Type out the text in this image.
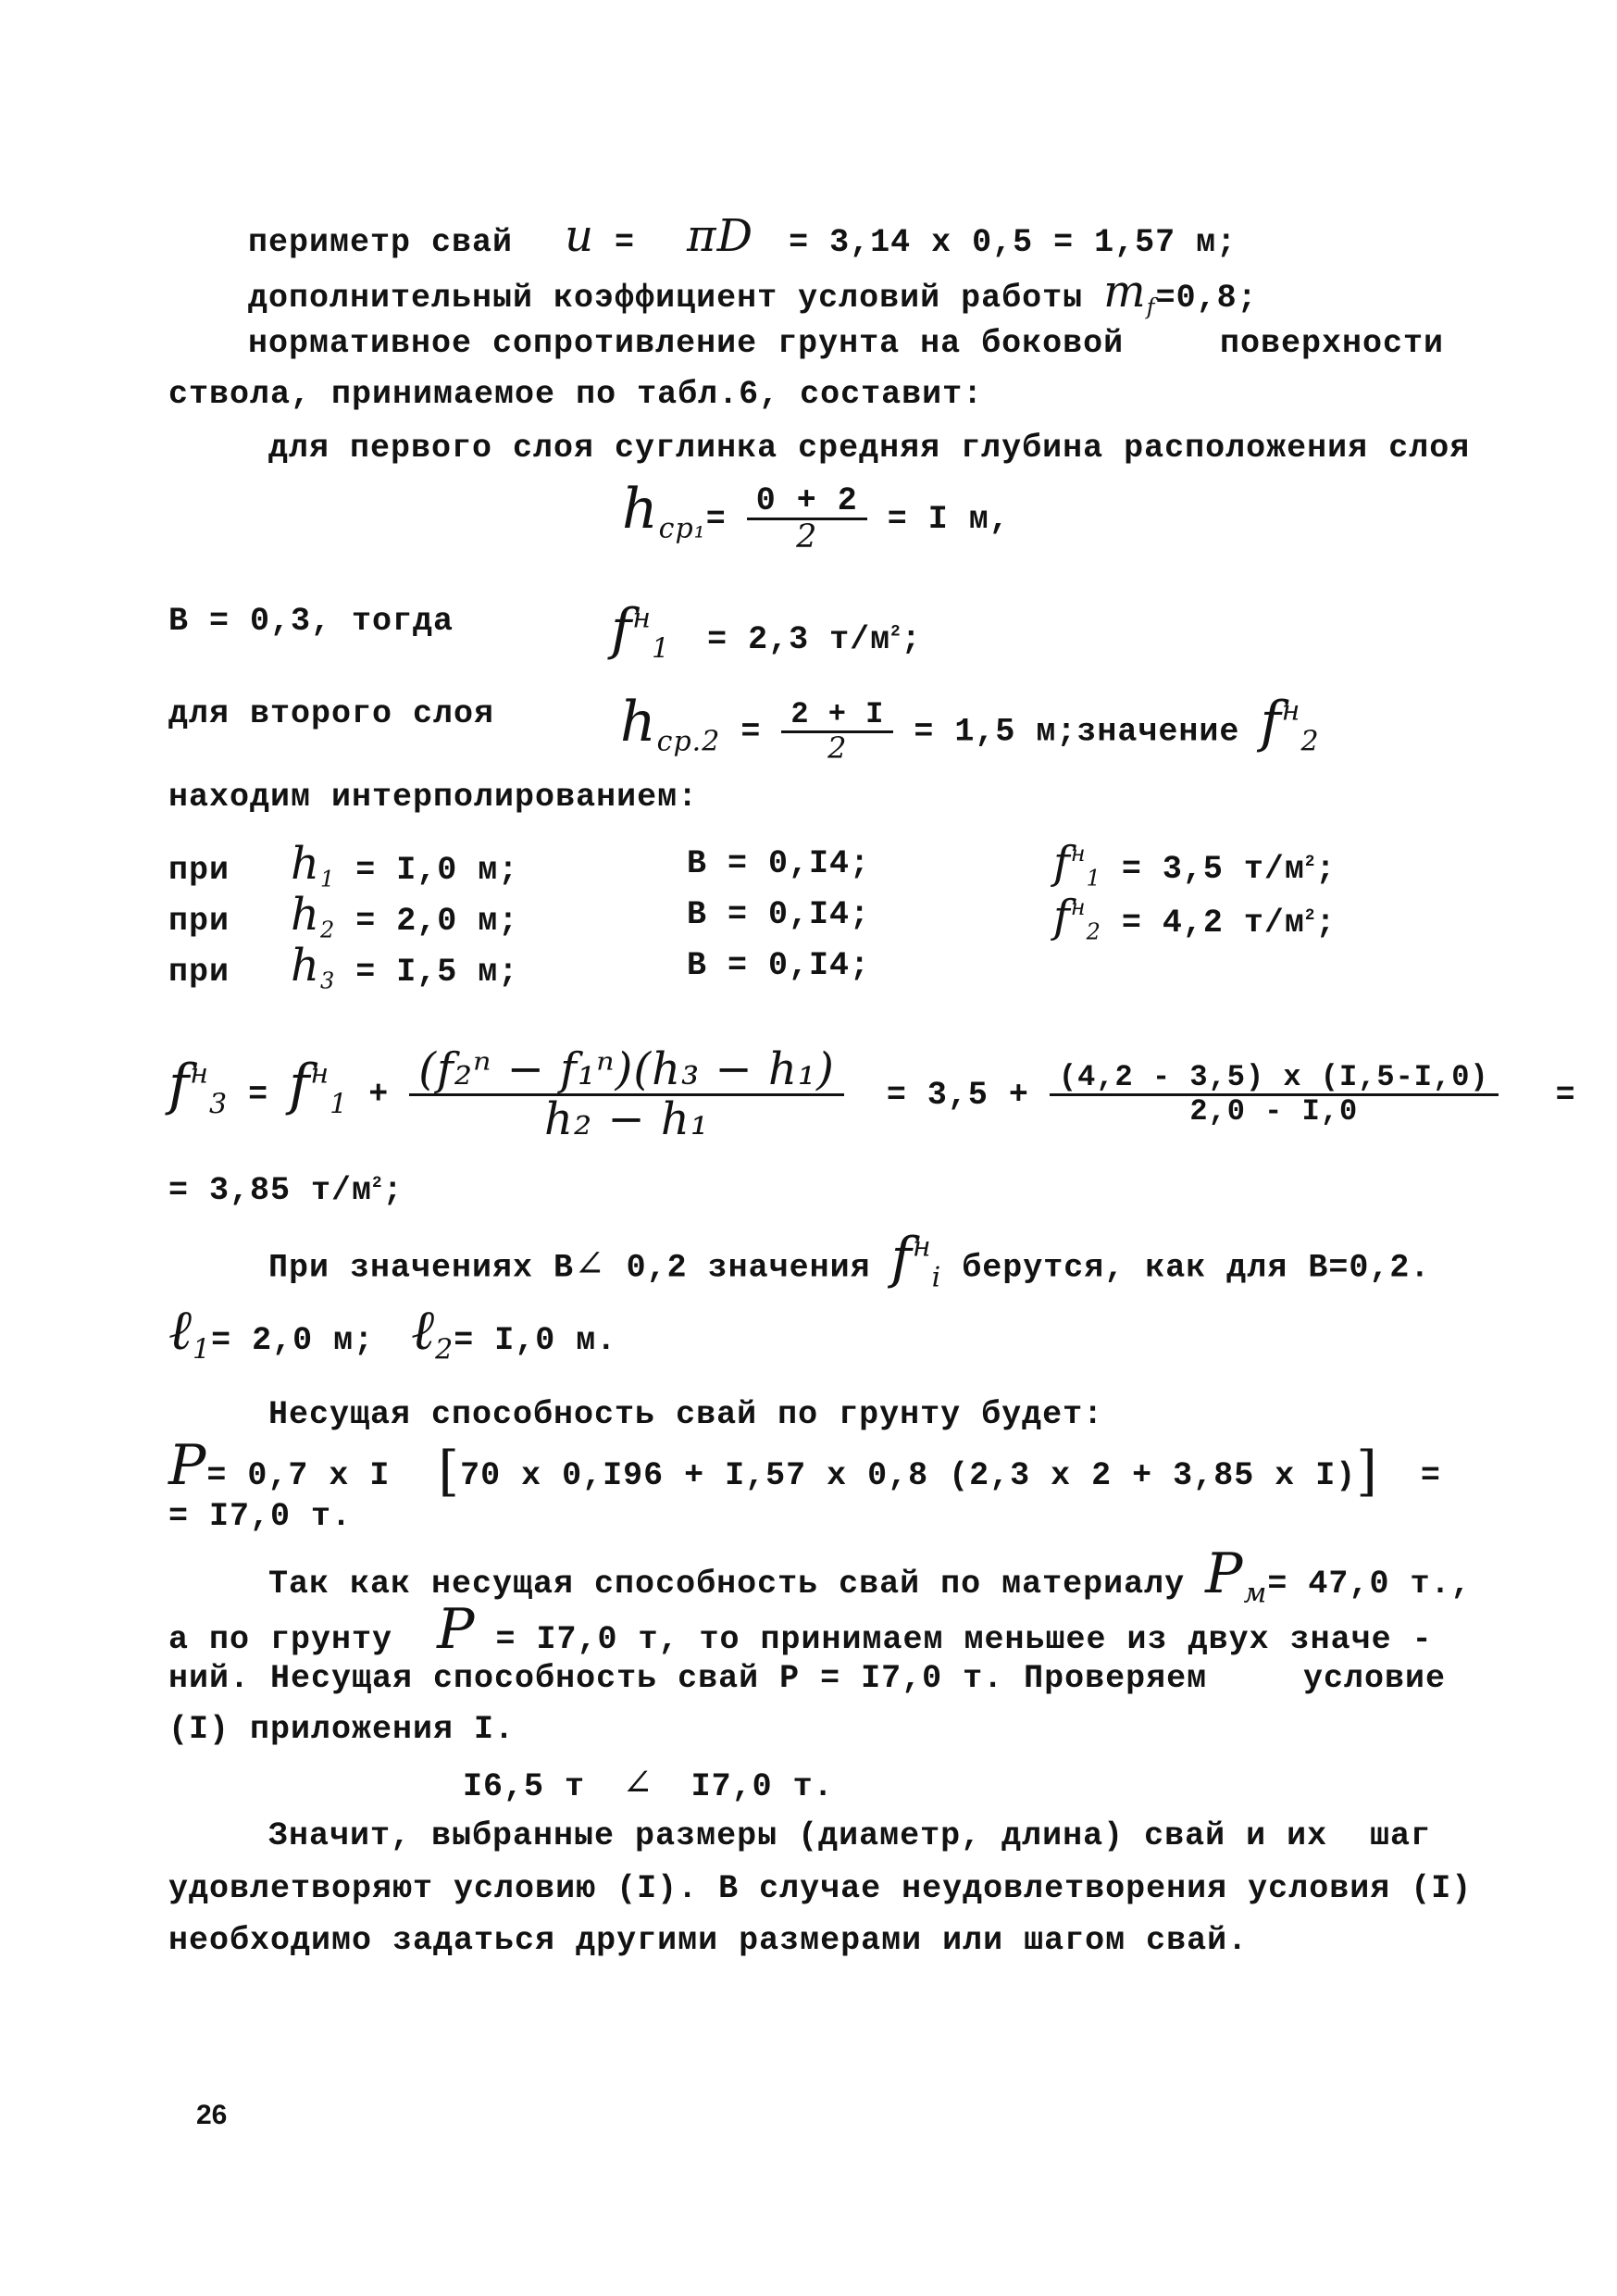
периметр свай u = πD = 3,14 x 0,5 = 1,57 м;
дополнительный коэффициент условий работы $m_f=0,8$;
нормативное сопротивление грунта на боковой	поверхности
ствола, принимаемое по табл.6, составит:
для первого слоя суглинка средняя глубина расположения слоя
$h_{ср_1}= \frac{0 + 2}{2} = I$ м,
В = 0,3, тогда	$f^н_1 = 2,3$ $т/м^2$;
для второго слоя $h_{ср.2} = \frac{2 + I}{2} = 1,5$ м;значение $f^н_2$
находим интерполированием:
при $h_1 = I,0$ м;	В = 0,I4;	$f^н_1 = 3,5$ $т/м^2$;
при $h_2 = 2,0$ м;	В = 0,I4;	$f^н_2 = 4,2$ $т/м^2$;
при $h_3 = I,5$ м;	В = 0,I4;
$f^н_3 = f^н_1 + \frac{\text{(f₂ⁿ − f₁ⁿ)(h₃ − h₁)}}{\text{h₂ − h₁}} = 3,5 + \frac{(4,2 - 3,5) x (I,5-I,0)}{2,0 - I,0}$ =
= 3,85 $т/м^2$;
При значениях В∠ 0,2 значения $f^н_i$ берутся, как для В=0,2.
ℓ$_1$= 2,0 м; ℓ$_2$= I,0 м.
Несущая способность свай по грунту будет:
P= 0,7 x I [70 x 0,I96 + I,57 x 0,8 (2,3 x 2 + 3,85 x I)] =
= I7,0 т.
Так как несущая способность свай по материалу $P_м= 47,0$ т.,
а по грунту P = I7,0 т, то принимаем меньшее из двух значе -
ний. Несущая способность свай Р = I7,0 т. Проверяем	условие
(I) приложения I.
I6,5 т ∠ I7,0 т.
Значит, выбранные размеры (диаметр, длина) свай и их шаг
удовлетворяют условию (I). В случае неудовлетворения условия (I)
необходимо задаться другими размерами или шагом свай.
26
